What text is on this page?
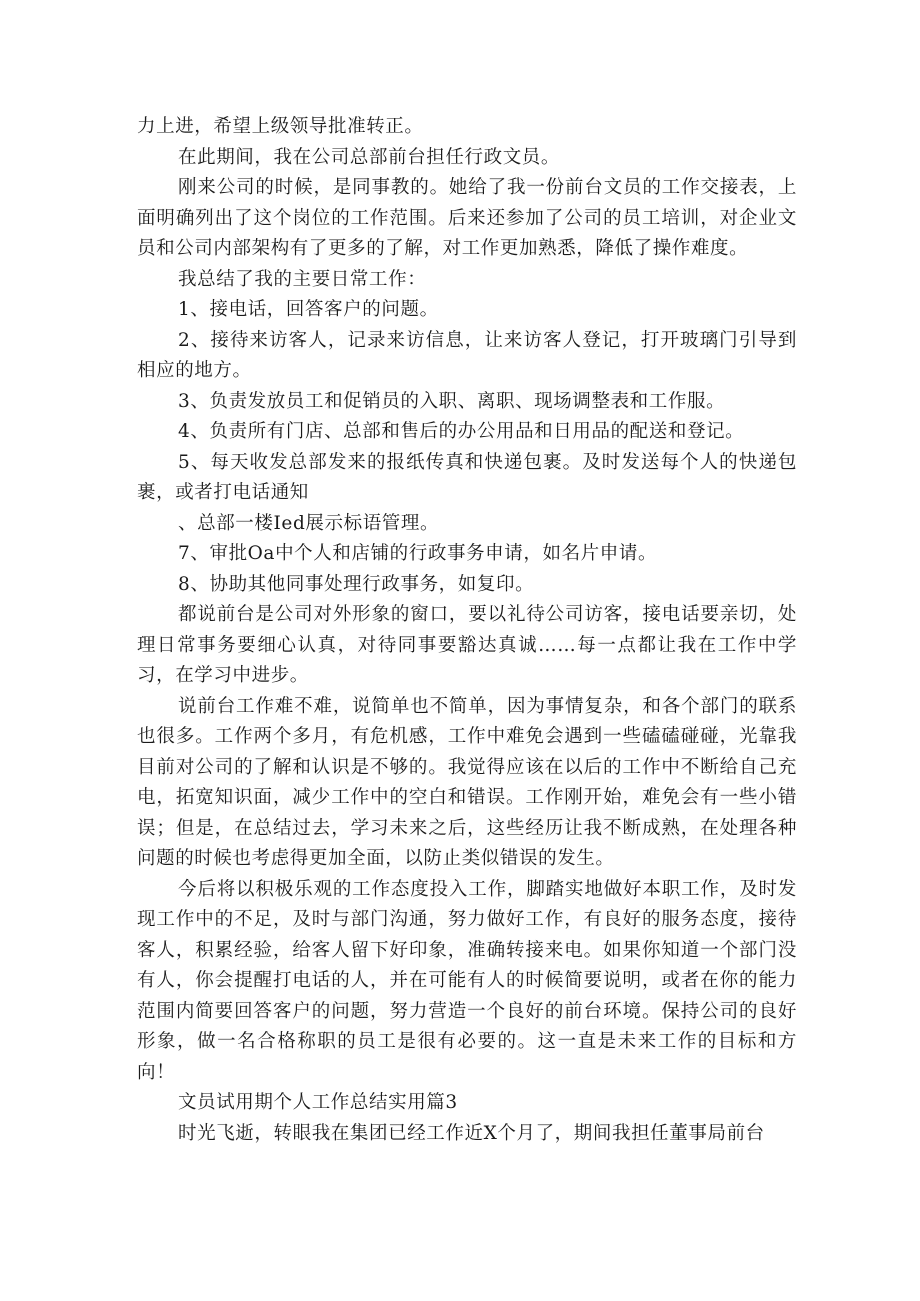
力上进，希望上级领导批准转正。

在此期间，我在公司总部前台担任行政文员。

刚来公司的时候，是同事教的。她给了我一份前台文员的工作交接表，上面明确列出了这个岗位的工作范围。后来还参加了公司的员工培训，对企业文员和公司内部架构有了更多的了解，对工作更加熟悉，降低了操作难度。

我总结了我的主要日常工作：

1、接电话，回答客户的问题。

2、接待来访客人，记录来访信息，让来访客人登记，打开玻璃门引导到相应的地方。

3、负责发放员工和促销员的入职、离职、现场调整表和工作服。

4、负责所有门店、总部和售后的办公用品和日用品的配送和登记。

5、每天收发总部发来的报纸传真和快递包裹。及时发送每个人的快递包裹，或者打电话通知

、总部一楼Ied展示标语管理。

7、审批Oa中个人和店铺的行政事务申请，如名片申请。

8、协助其他同事处理行政事务，如复印。

都说前台是公司对外形象的窗口，要以礼待公司访客，接电话要亲切，处理日常事务要细心认真，对待同事要豁达真诚……每一点都让我在工作中学习，在学习中进步。

说前台工作难不难，说简单也不简单，因为事情复杂，和各个部门的联系也很多。工作两个多月，有危机感，工作中难免会遇到一些磕磕碰碰，光靠我目前对公司的了解和认识是不够的。我觉得应该在以后的工作中不断给自己充电，拓宽知识面，减少工作中的空白和错误。工作刚开始，难免会有一些小错误；但是，在总结过去，学习未来之后，这些经历让我不断成熟，在处理各种问题的时候也考虑得更加全面，以防止类似错误的发生。

今后将以积极乐观的工作态度投入工作，脚踏实地做好本职工作，及时发现工作中的不足，及时与部门沟通，努力做好工作，有良好的服务态度，接待客人，积累经验，给客人留下好印象，准确转接来电。如果你知道一个部门没有人，你会提醒打电话的人，并在可能有人的时候简要说明，或者在你的能力范围内简要回答客户的问题，努力营造一个良好的前台环境。保持公司的良好形象，做一名合格称职的员工是很有必要的。这一直是未来工作的目标和方向！

文员试用期个人工作总结实用篇3

时光飞逝，转眼我在集团已经工作近X个月了，期间我担任董事局前台
